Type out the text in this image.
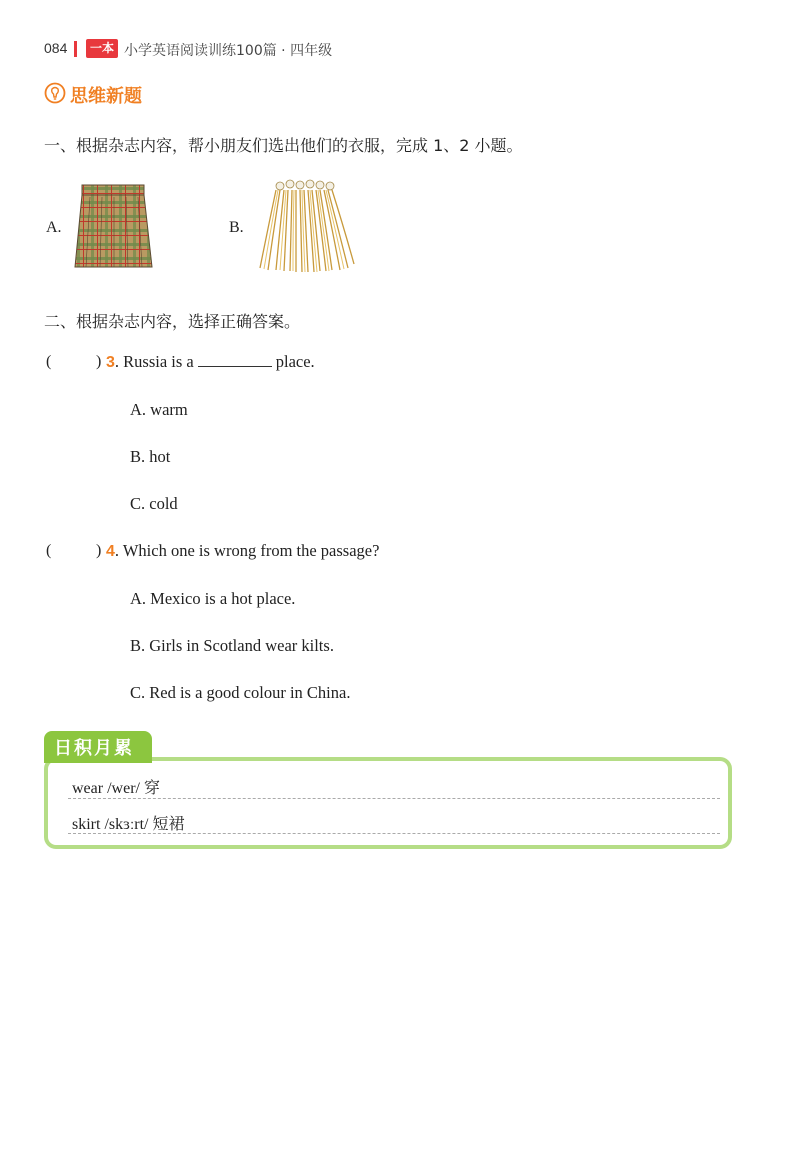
084	一本 小学英语阅读训练100篇 · 四年级
思维新题
一、根据杂志内容，帮小朋友们选出他们的衣服，完成 1、2 小题。
A.	B.
二、根据杂志内容，选择正确答案。
(	) 3. Russia is a	place.
A. warm
B. hot
C. cold
(	) 4. Which one is wrong from the passage?
A. Mexico is a hot place.
B. Girls in Scotland wear kilts.
C. Red is a good colour in China.
日积月累
wear /wer/ 穿
skirt /skɜːrt/ 短裙
